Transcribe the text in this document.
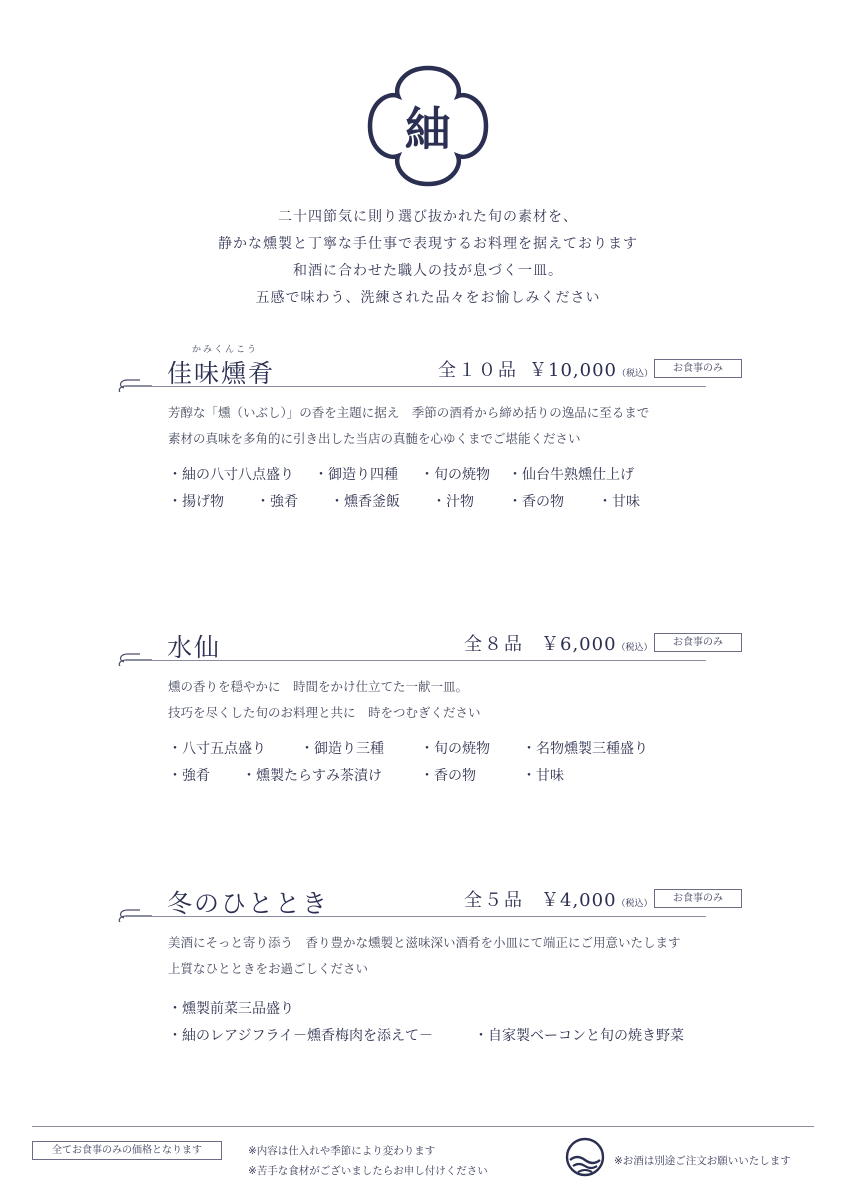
紬
二十四節気に則り選び抜かれた旬の素材を、
静かな燻製と丁寧な手仕事で表現するお料理を据えております
和酒に合わせた職人の技が息づく一皿。
五感で味わう、洗練された品々をお愉しみください
かみくんこう
佳味燻肴	全１０品 ￥10,000（税込）	お食事のみ
芳醇な「燻（いぶし）」の香を主題に据え　季節の酒肴から締め括りの逸品に至るまで
素材の真味を多角的に引き出した当店の真髄を心ゆくまでご堪能ください
・紬の八寸八点盛り ・御造り四種 ・旬の焼物 ・仙台牛熟燻仕上げ
・揚げ物 ・強肴 ・燻香釜飯 ・汁物 ・香の物 ・甘味
水仙	全８品 ￥6,000（税込）	お食事のみ
燻の香りを穏やかに　時間をかけ仕立てた一献一皿。
技巧を尽くした旬のお料理と共に　時をつむぎください
・八寸五点盛り ・御造り三種	・旬の焼物 ・名物燻製三種盛り
・強肴 ・燻製たらすみ茶漬け	・香の物	・甘味
冬のひととき	全５品 ￥4,000（税込）	お食事のみ
美酒にそっと寄り添う　香り豊かな燻製と滋味深い酒肴を小皿にて端正にご用意いたします
上質なひとときをお過ごしください
・燻製前菜三品盛り
・紬のレアジフライ－燻香梅肉を添えて－	・自家製ベーコンと旬の焼き野菜
全てお食事のみの価格となります	※内容は仕入れや季節により変わります
※苦手な食材がございましたらお申し付けください
※お酒は別途ご注文お願いいたします
